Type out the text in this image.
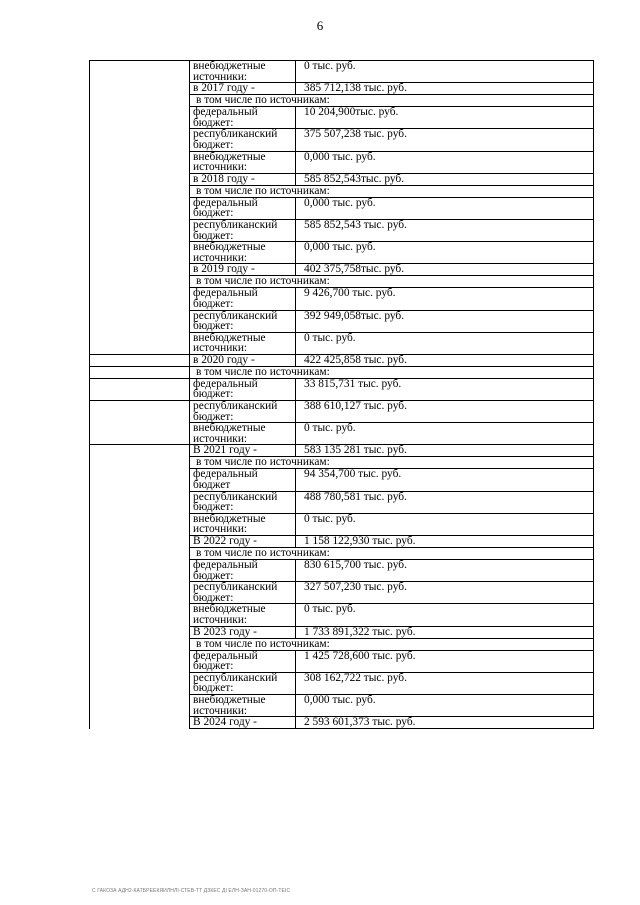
6
	внебюджетные
источники:	0 тыс. руб.
	в 2017 году -	385 712,138 тыс. руб.
	в том числе по источникам:	
	федеральный
бюджет:	10 204,900тыс. руб.
	республиканский
бюджет:	375 507,238 тыс. руб.
	внебюджетные
источники:	0,000 тыс. руб.
	в 2018 году -	585 852,543тыс. руб.
	в том числе по источникам:	
	федеральный
бюджет:	0,000 тыс. руб.
	республиканский
бюджет:	585 852,543 тыс. руб.
	внебюджетные
источники:	0,000 тыс. руб.
	в 2019 году -	402 375,758тыс. руб.
	в том числе по источникам:	
	федеральный
бюджет:	9 426,700 тыс. руб.
	республиканский
бюджет:	392 949,058тыс. руб.
	внебюджетные
источники:	0 тыс. руб.
	в 2020 году -	422 425,858 тыс. руб.
	в том числе по источникам:	
	федеральный
бюджет:	33 815,731 тыс. руб.
	республиканский
бюджет:	388 610,127 тыс. руб.
	внебюджетные
источники:	0 тыс. руб.
	В 2021 году -	583 135 281 тыс. руб.
	в том числе по источникам:	
	федеральный
бюджет	94 354,700 тыс. руб.
	республиканский
бюджет:	488 780,581 тыс. руб.
	внебюджетные
источники:	0 тыс. руб.
	В 2022 году -	1 158 122,930 тыс. руб.
	в том числе по источникам:	
	федеральный
бюджет:	830 615,700 тыс. руб.
	республиканский
бюджет:	327 507,230 тыс. руб.
	внебюджетные
источники:	0 тыс. руб.
	В 2023 году -	1 733 891,322 тыс. руб.
	в том числе по источникам:	
	федеральный
бюджет:	1 425 728,600 тыс. руб.
	республиканский
бюджет:	308 162,722 тыс. руб.
	внебюджетные
источники:	0,000 тыс. руб.
	В 2024 году -	2 593 601,373 тыс. руб.
С ГАКОЗА АДН2-КАТБРЕЕКЯИЛНЛІ-СТЕВ-ТТ ДЗКЕС ДІ ЕЛН-ЗАН-01270-ОП-ТЕІС
